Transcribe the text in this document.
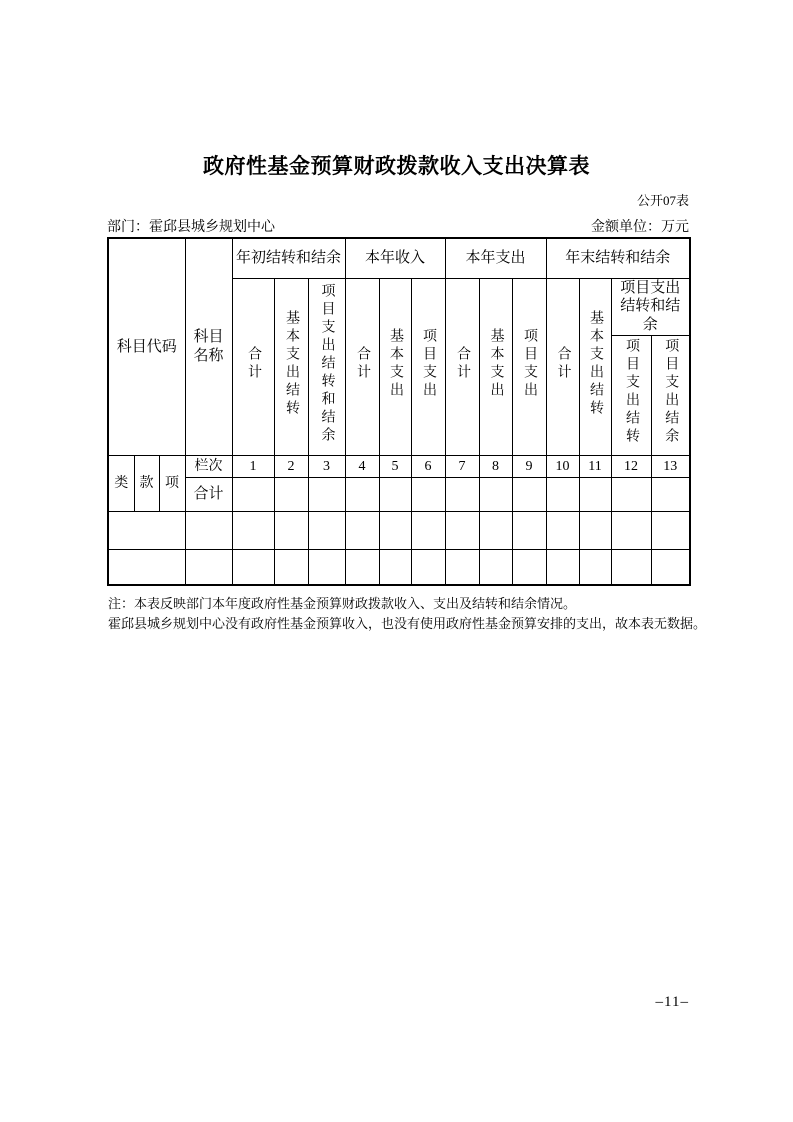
政府性基金预算财政拨款收入支出决算表
公开07表
部门：霍邱县城乡规划中心	金额单位：万元
科目代码			科目名称	年初结转和结余			本年收入			本年支出			年末结转和结余			
				合计	基本支出结转	项目支出结转和结余	合计	基本支出	项目支出	合计	基本支出	项目支出	合计	基本支出结转	项目支出结转和结余	
															项目支出结转	项目支出结余
类	款	项	栏次	1	2	3	4	5	6	7	8	9	10	11	12	13
			合计													

注：本表反映部门本年度政府性基金预算财政拨款收入、支出及结转和结余情况。
霍邱县城乡规划中心没有政府性基金预算收入，也没有使用政府性基金预算安排的支出，故本表无数据。
–11–
